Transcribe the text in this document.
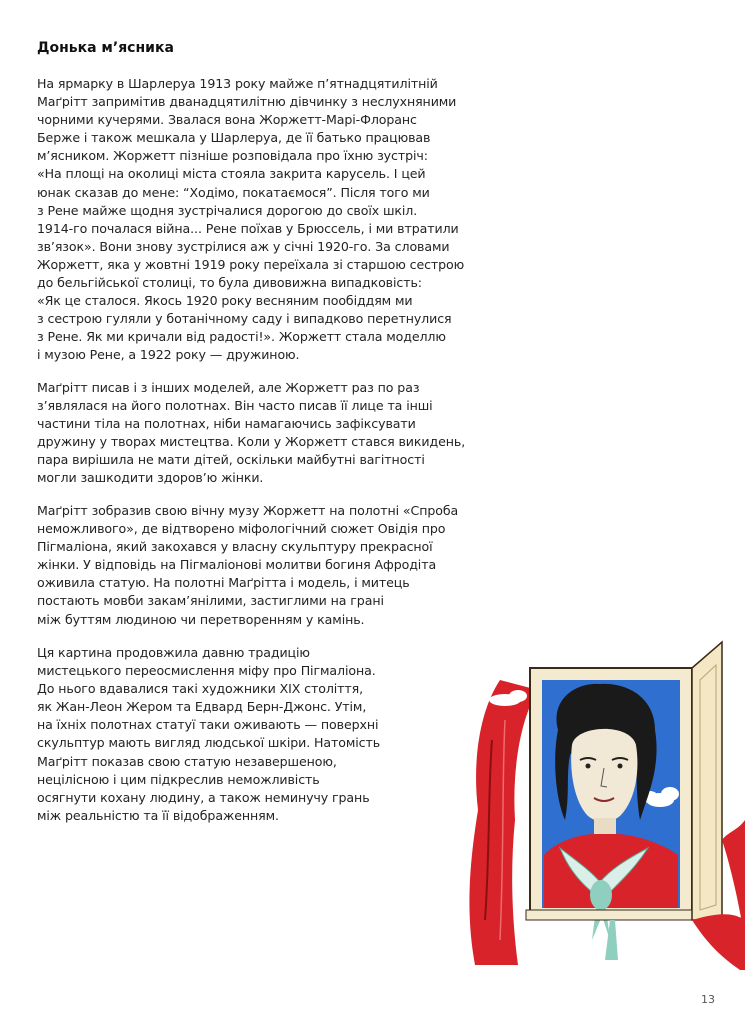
Донька м’ясника
На ярмарку в Шарлеруа 1913 року майже п’ятнадцятилітній
Маґрітт запримітив дванадцятилітню дівчинку з неслухняними
чорними кучерями. Звалася вона Жоржетт-Марі-Флоранс
Берже і також мешкала у Шарлеруа, де її батько працював
м’ясником. Жоржетт пізніше розповідала про їхню зустріч:
«На площі на околиці міста стояла закрита карусель. І цей
юнак сказав до мене: “Ходімо, покатаємося”. Після того ми
з Рене майже щодня зустрічалися дорогою до своїх шкіл.
1914-го почалася війна... Рене поїхав у Брюссель, і ми втратили
зв’язок». Вони знову зустрілися аж у січні 1920-го. За словами
Жоржетт, яка у жовтні 1919 року переїхала зі старшою сестрою
до бельгійської столиці, то була дивовижна випадковість:
«Як це сталося. Якось 1920 року весняним пообіддям ми
з сестрою гуляли у ботанічному саду і випадково перетнулися
з Рене. Як ми кричали від радості!». Жоржетт стала моделлю
і музою Рене, а 1922 року — дружиною.
Маґрітт писав і з інших моделей, але Жоржетт раз по раз
з’являлася на його полотнах. Він часто писав її лице та інші
частини тіла на полотнах, ніби намагаючись зафіксувати
дружину у творах мистецтва. Коли у Жоржетт стався викидень,
пара вирішила не мати дітей, оскільки майбутні вагітності
могли зашкодити здоров’ю жінки.
Маґрітт зобразив свою вічну музу Жоржетт на полотні «Спроба
неможливого», де відтворено міфологічний сюжет Овідія про
Пігмаліона, який закохався у власну скульптуру прекрасної
жінки. У відповідь на Пігмаліонові молитви богиня Афродіта
оживила статую. На полотні Маґрітта і модель, і митець
постають мовби закам’янілими, застиглими на грані
між буттям людиною чи перетворенням у камінь.
Ця картина продовжила давню традицію
мистецького переосмислення міфу про Пігмаліона.
До нього вдавалися такі художники XIX століття,
як Жан-Леон Жером та Едвард Берн-Джонс. Утім,
на їхніх полотнах статуї таки оживають — поверхні
скульптур мають вигляд людської шкіри. Натомість
Маґрітт показав свою статую незавершеною,
нецілісною і цим підкреслив неможливість
осягнути кохану людину, а також неминучу грань
між реальністю та її відображенням.
13
